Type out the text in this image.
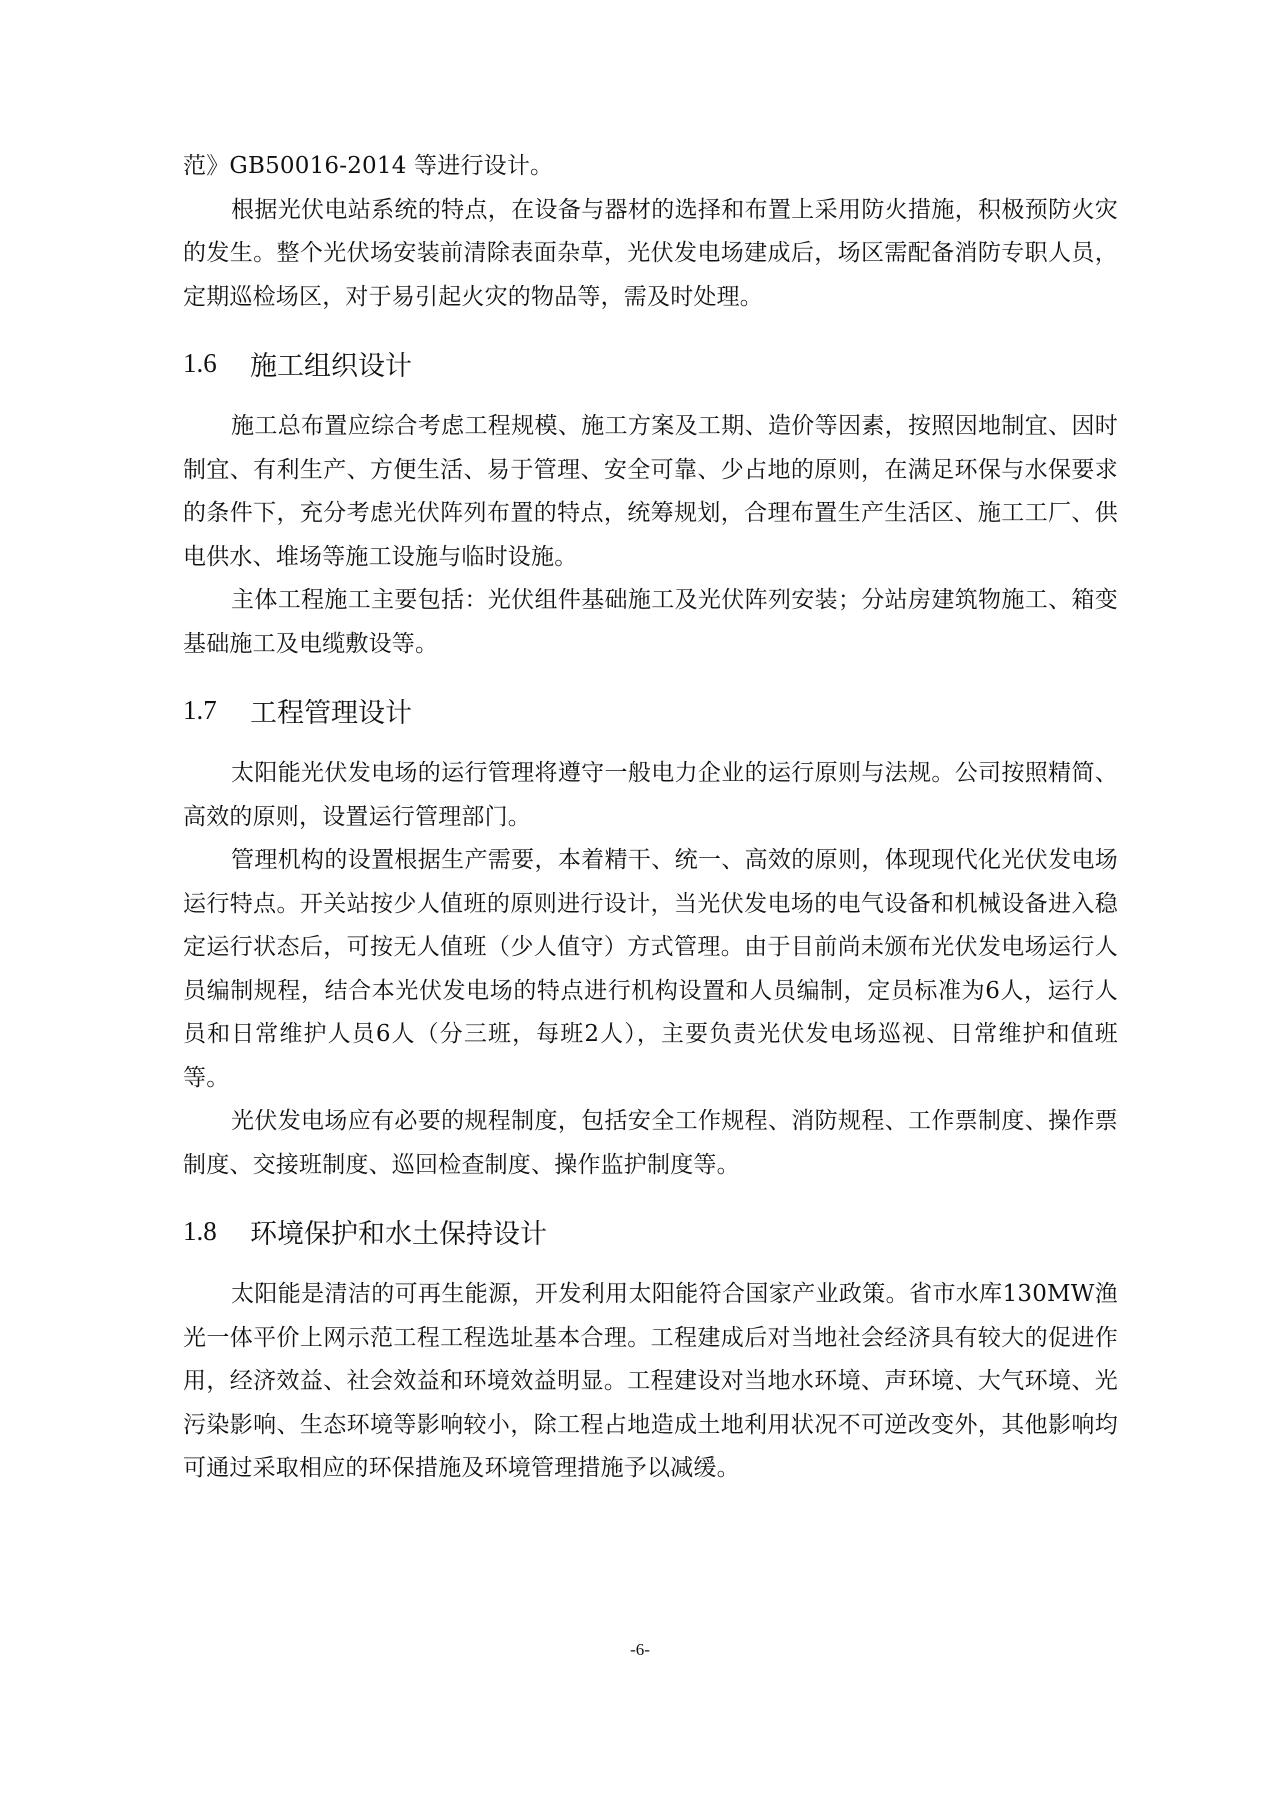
范》GB50016-2014 等进行设计。

根据光伏电站系统的特点，在设备与器材的选择和布置上采用防火措施，积极预防火灾的发生。整个光伏场安装前清除表面杂草，光伏发电场建成后，场区需配备消防专职人员，定期巡检场区，对于易引起火灾的物品等，需及时处理。

1.6	施工组织设计

施工总布置应综合考虑工程规模、施工方案及工期、造价等因素，按照因地制宜、因时制宜、有利生产、方便生活、易于管理、安全可靠、少占地的原则，在满足环保与水保要求的条件下，充分考虑光伏阵列布置的特点，统筹规划，合理布置生产生活区、施工工厂、供电供水、堆场等施工设施与临时设施。

主体工程施工主要包括：光伏组件基础施工及光伏阵列安装；分站房建筑物施工、箱变基础施工及电缆敷设等。

1.7	工程管理设计

太阳能光伏发电场的运行管理将遵守一般电力企业的运行原则与法规。公司按照精简、高效的原则，设置运行管理部门。

管理机构的设置根据生产需要，本着精干、统一、高效的原则，体现现代化光伏发电场运行特点。开关站按少人值班的原则进行设计，当光伏发电场的电气设备和机械设备进入稳定运行状态后，可按无人值班（少人值守）方式管理。由于目前尚未颁布光伏发电场运行人员编制规程，结合本光伏发电场的特点进行机构设置和人员编制，定员标准为6人，运行人员和日常维护人员6人（分三班，每班2人），主要负责光伏发电场巡视、日常维护和值班等。

光伏发电场应有必要的规程制度，包括安全工作规程、消防规程、工作票制度、操作票制度、交接班制度、巡回检查制度、操作监护制度等。

1.8	环境保护和水土保持设计

太阳能是清洁的可再生能源，开发利用太阳能符合国家产业政策。省市水库130MW渔光一体平价上网示范工程工程选址基本合理。工程建成后对当地社会经济具有较大的促进作用，经济效益、社会效益和环境效益明显。工程建设对当地水环境、声环境、大气环境、光污染影响、生态环境等影响较小，除工程占地造成土地利用状况不可逆改变外，其他影响均可通过采取相应的环保措施及环境管理措施予以减缓。

-6-
